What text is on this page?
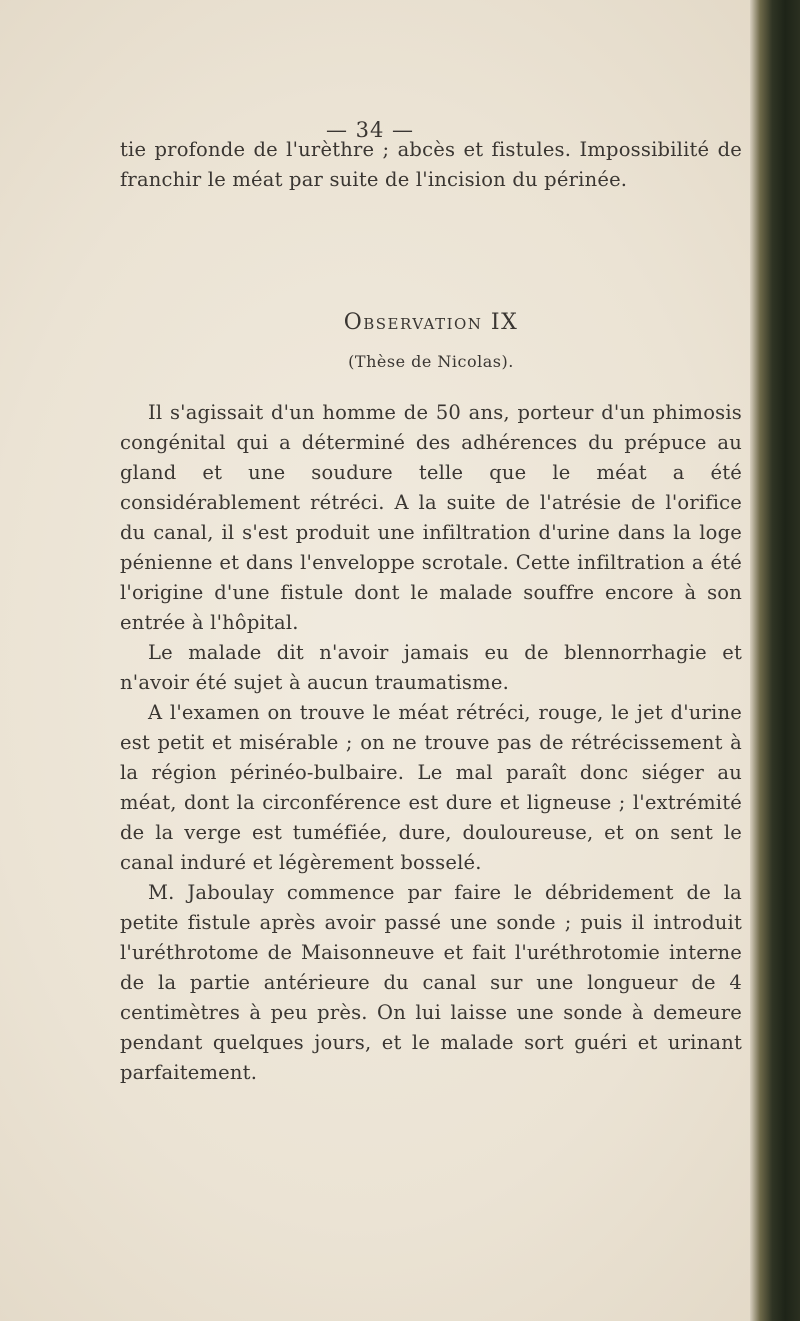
— 34 —

tie profonde de l'urèthre ; abcès et fistules. Impossibilité de franchir le méat par suite de l'incision du périnée.

Observation IX
(Thèse de Nicolas).

Il s'agissait d'un homme de 50 ans, porteur d'un phimosis congénital qui a déterminé des adhérences du prépuce au gland et une soudure telle que le méat a été considérablement rétréci. A la suite de l'atrésie de l'orifice du canal, il s'est produit une infiltration d'urine dans la loge pénienne et dans l'enveloppe scrotale. Cette infiltration a été l'origine d'une fistule dont le malade souffre encore à son entrée à l'hôpital.

Le malade dit n'avoir jamais eu de blennorrhagie et n'avoir été sujet à aucun traumatisme.

A l'examen on trouve le méat rétréci, rouge, le jet d'urine est petit et misérable ; on ne trouve pas de rétrécissement à la région périnéo-bulbaire. Le mal paraît donc siéger au méat, dont la circonférence est dure et ligneuse ; l'extrémité de la verge est tuméfiée, dure, douloureuse, et on sent le canal induré et légèrement bosselé.

M. Jaboulay commence par faire le débridement de la petite fistule après avoir passé une sonde ; puis il introduit l'uréthrotome de Maisonneuve et fait l'uréthrotomie interne de la partie antérieure du canal sur une longueur de 4 centimètres à peu près. On lui laisse une sonde à demeure pendant quelques jours, et le malade sort guéri et urinant parfaitement.
